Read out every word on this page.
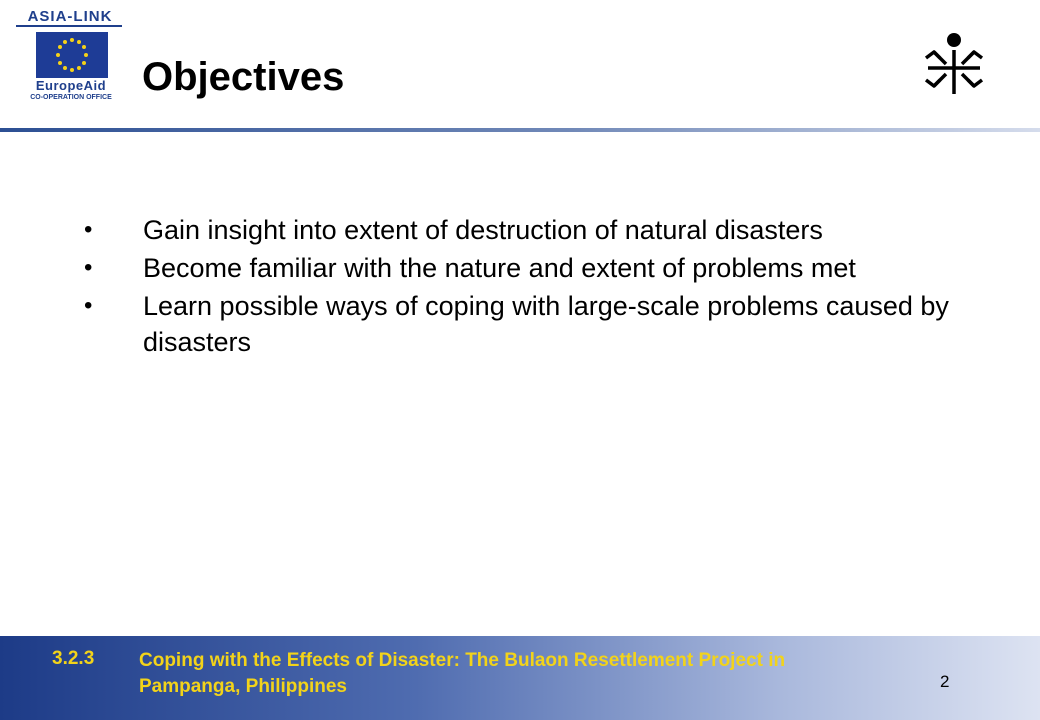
ASIA-LINK
EuropeAid
CO-OPERATION OFFICE Objectives
• Gain insight into extent of destruction of natural disasters
• Become familiar with the nature and extent of problems met
• Learn possible ways of coping with large-scale problems caused by disasters
3.2.3 Coping with the Effects of Disaster: The Bulaon Resettlement Project in Pampanga, Philippines	2
